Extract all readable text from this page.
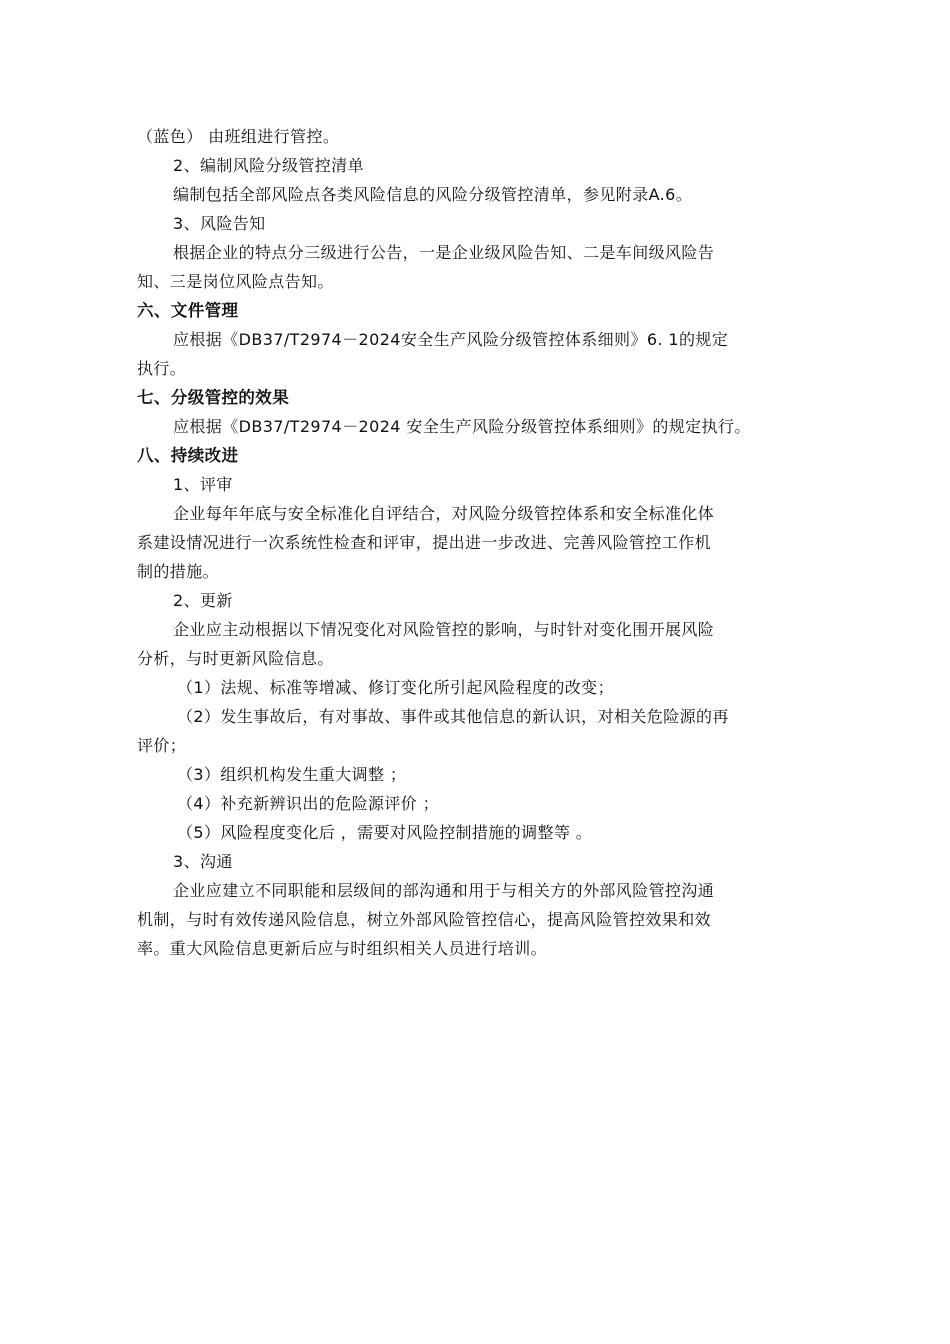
（蓝色） 由班组进行管控。
2、编制风险分级管控清单
编制包括全部风险点各类风险信息的风险分级管控清单，参见附录A.6。
3、风险告知
根据企业的特点分三级进行公告，一是企业级风险告知、二是车间级风险告
知、三是岗位风险点告知。
六、文件管理
应根据《DB37/T2974－2024安全生产风险分级管控体系细则》6. 1的规定
执行。
七、分级管控的效果
应根据《DB37/T2974－2024 安全生产风险分级管控体系细则》的规定执行。
八、持续改进
1、评审
企业每年年底与安全标准化自评结合，对风险分级管控体系和安全标准化体
系建设情况进行一次系统性检查和评审，提出进一步改进、完善风险管控工作机
制的措施。
2、更新
企业应主动根据以下情况变化对风险管控的影响，与时针对变化围开展风险
分析，与时更新风险信息。
（1）法规、标准等增减、修订变化所引起风险程度的改变；
（2）发生事故后，有对事故、事件或其他信息的新认识，对相关危险源的再
评价；
（3）组织机构发生重大调整 ；
（4）补充新辨识出的危险源评价 ；
（5）风险程度变化后 ，需要对风险控制措施的调整等 。
3、沟通
企业应建立不同职能和层级间的部沟通和用于与相关方的外部风险管控沟通
机制，与时有效传递风险信息，树立外部风险管控信心，提高风险管控效果和效
率。重大风险信息更新后应与时组织相关人员进行培训。
